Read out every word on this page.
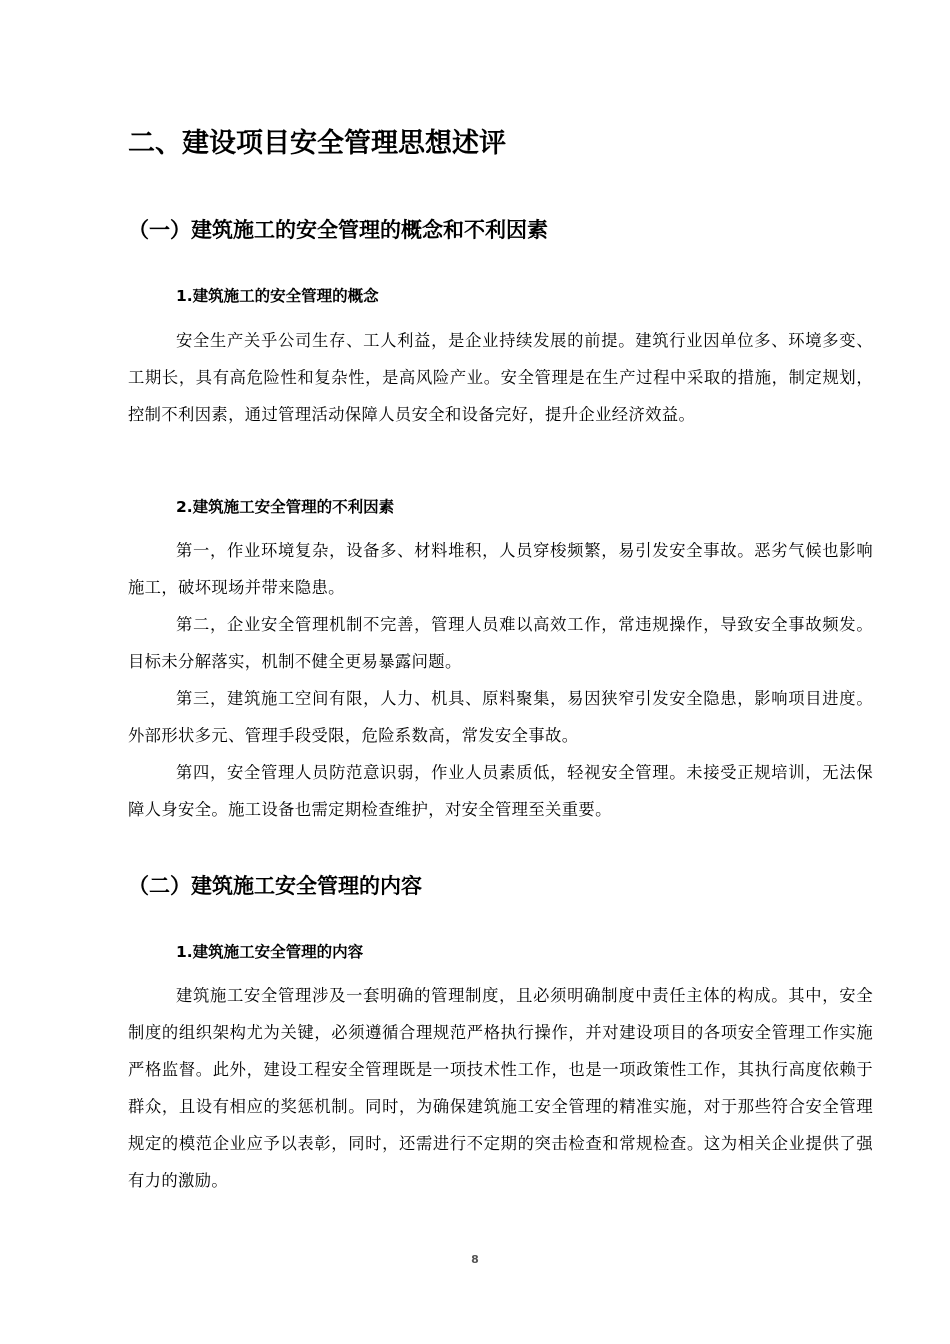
二、建设项目安全管理思想述评
（一）建筑施工的安全管理的概念和不利因素
1.建筑施工的安全管理的概念

安全生产关乎公司生存、工人利益，是企业持续发展的前提。建筑行业因单位多、环境多变、工期长，具有高危险性和复杂性，是高风险产业。安全管理是在生产过程中采取的措施，制定规划，控制不利因素，通过管理活动保障人员安全和设备完好，提升企业经济效益。

2.建筑施工安全管理的不利因素

第一，作业环境复杂，设备多、材料堆积，人员穿梭频繁，易引发安全事故。恶劣气候也影响施工，破坏现场并带来隐患。

第二，企业安全管理机制不完善，管理人员难以高效工作，常违规操作，导致安全事故频发。目标未分解落实，机制不健全更易暴露问题。

第三，建筑施工空间有限，人力、机具、原料聚集，易因狭窄引发安全隐患，影响项目进度。外部形状多元、管理手段受限，危险系数高，常发安全事故。

第四，安全管理人员防范意识弱，作业人员素质低，轻视安全管理。未接受正规培训，无法保障人身安全。施工设备也需定期检查维护，对安全管理至关重要。

（二）建筑施工安全管理的内容
1.建筑施工安全管理的内容

建筑施工安全管理涉及一套明确的管理制度，且必须明确制度中责任主体的构成。其中，安全制度的组织架构尤为关键，必须遵循合理规范严格执行操作，并对建设项目的各项安全管理工作实施严格监督。此外，建设工程安全管理既是一项技术性工作，也是一项政策性工作，其执行高度依赖于群众，且设有相应的奖惩机制。同时，为确保建筑施工安全管理的精准实施，对于那些符合安全管理规定的模范企业应予以表彰，同时，还需进行不定期的突击检查和常规检查。这为相关企业提供了强有力的激励。

8
